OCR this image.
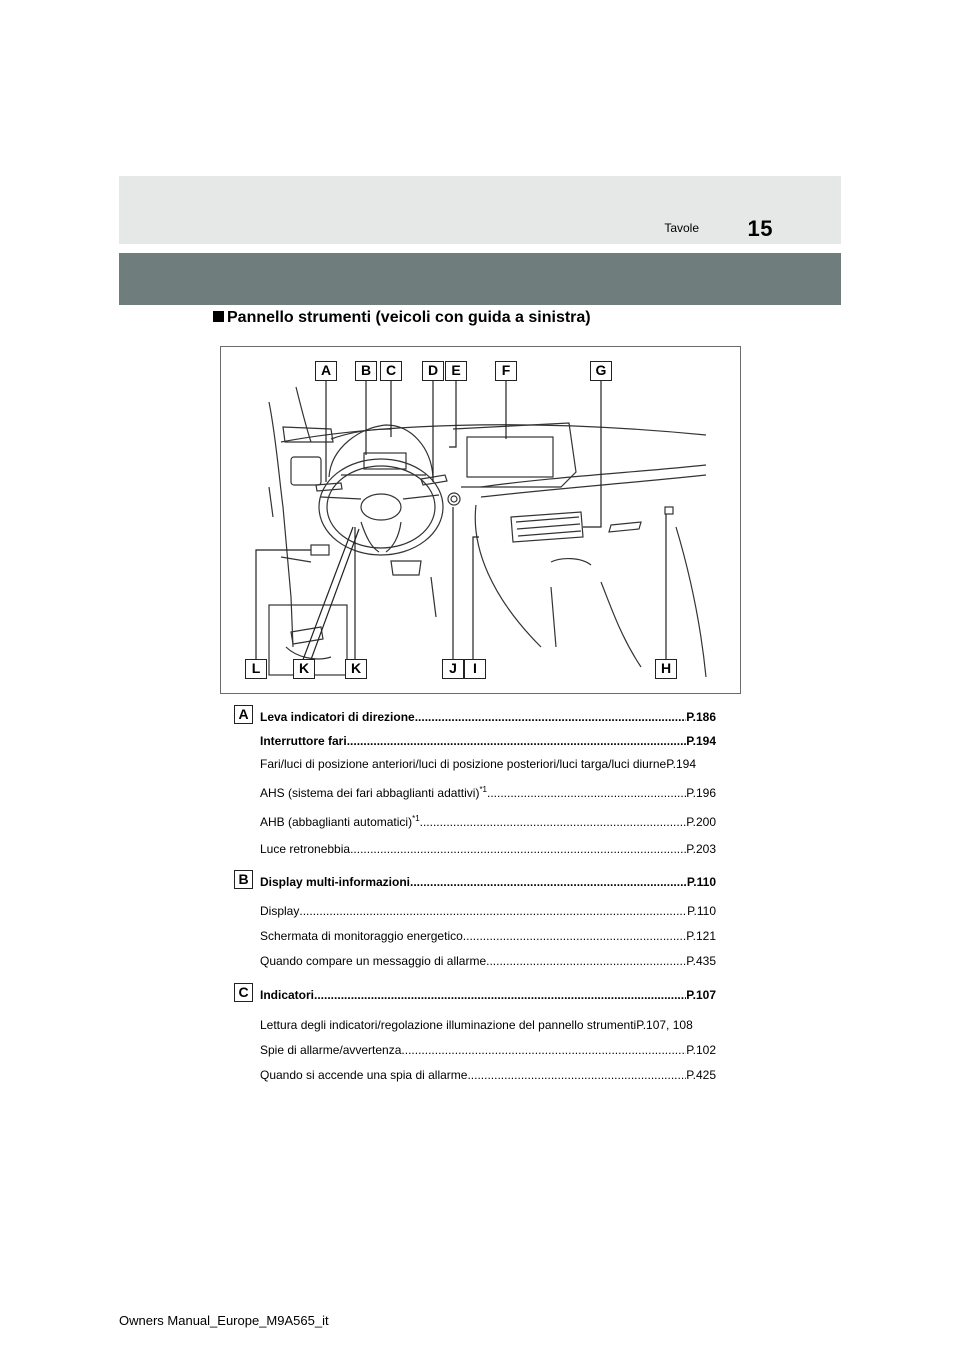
Tavole 15
Pannello strumenti (veicoli con guida a sinistra)
A	B	C	D E	F	G
L	K	K	J	I	H
A Leva indicatori di direzione .....	P.186
Interruttore fari .....	P.194
Fari/luci di posizione anteriori/luci di posizione posteriori/luci targa/luci diurne P.194
AHS (sistema dei fari abbaglianti adattivi)$^{*1}$ .....	P.196
AHB (abbaglianti automatici)$^{*1}$ .....	P.200
Luce retronebbia .....	P.203
B Display multi-informazioni .....	P.110
Display .....	P.110
Schermata di monitoraggio energetico .....	P.121
Quando compare un messaggio di allarme .....	P.435
C Indicatori .....	P.107
Lettura degli indicatori/regolazione illuminazione del pannello strumenti P.107, 108
Spie di allarme/avvertenza .....	P.102
Quando si accende una spia di allarme .....	P.425
Owners Manual_Europe_M9A565_it
